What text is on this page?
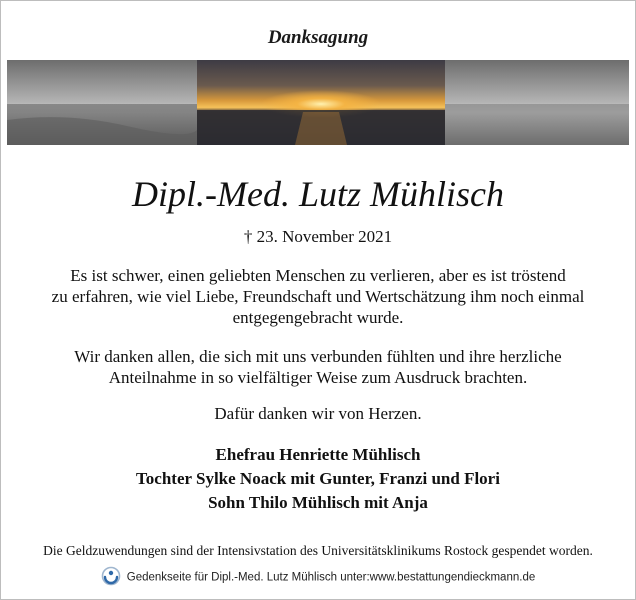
Danksagung
Dipl.-Med. Lutz Mühlisch
† 23. November 2021
Es ist schwer, einen geliebten Menschen zu verlieren, aber es ist tröstend
zu erfahren, wie viel Liebe, Freundschaft und Wertschätzung ihm noch einmal
entgegengebracht wurde.
Wir danken allen, die sich mit uns verbunden fühlten und ihre herzliche
Anteilnahme in so vielfältiger Weise zum Ausdruck brachten.
Dafür danken wir von Herzen.
Ehefrau Henriette Mühlisch
Tochter Sylke Noack mit Gunter, Franzi und Flori
Sohn Thilo Mühlisch mit Anja
Die Geldzuwendungen sind der Intensivstation des Universitätsklinikums Rostock gespendet worden.
Gedenkseite für Dipl.-Med. Lutz Mühlisch unter:www.bestattungendieckmann.de
